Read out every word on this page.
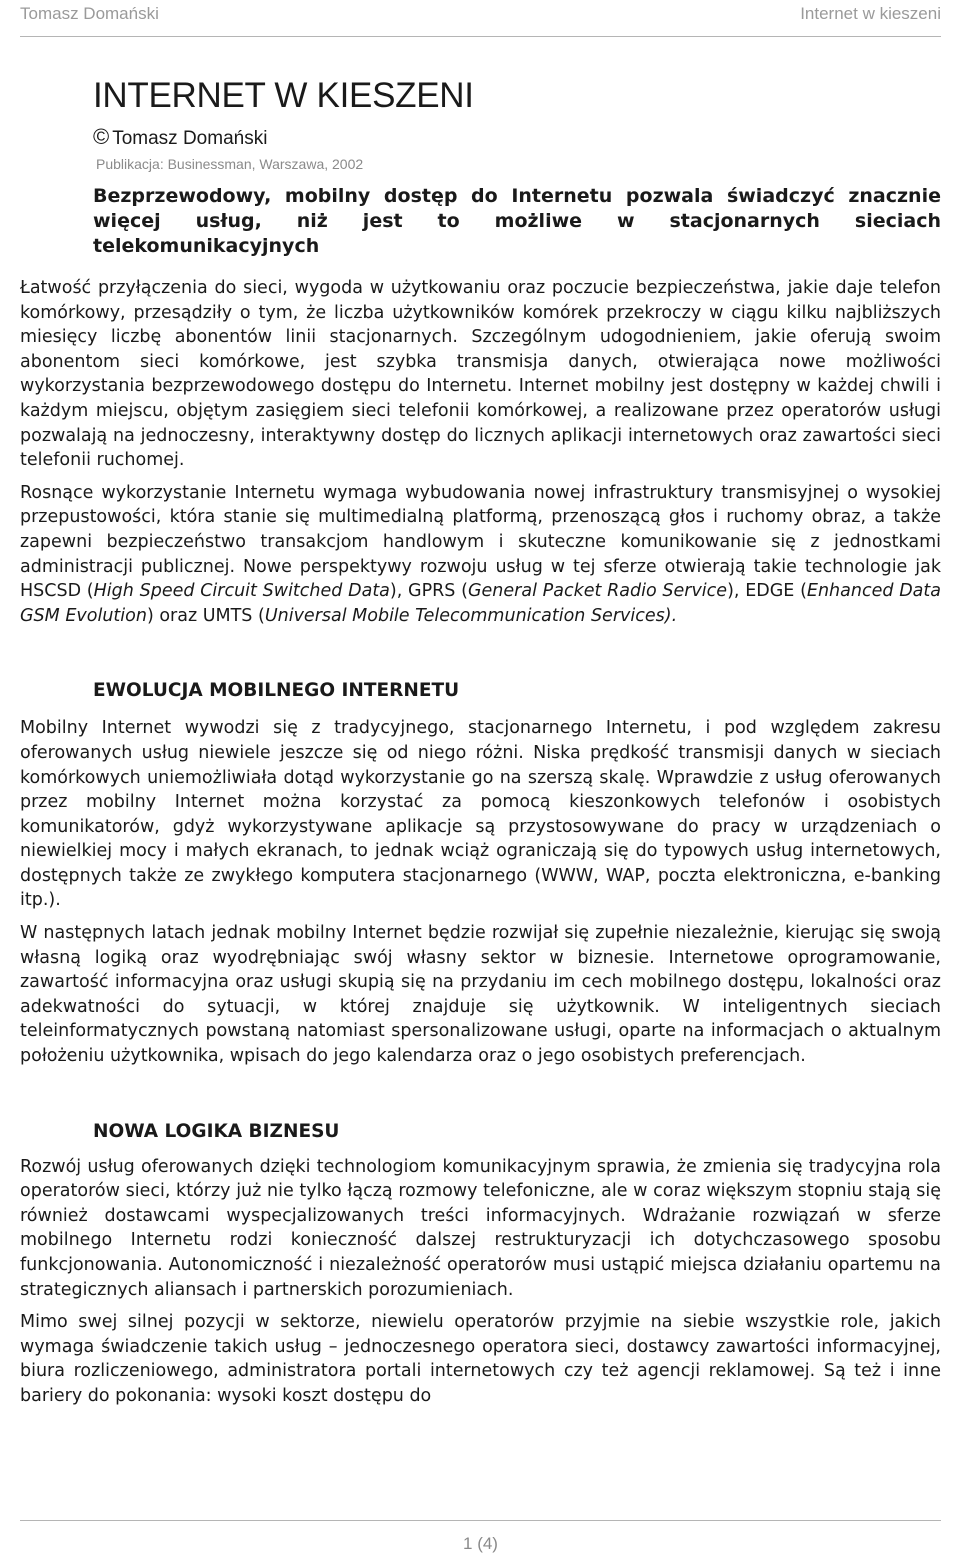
Tomasz Domański	Internet w kieszeni
INTERNET W KIESZENI
© Tomasz Domański
Publikacja: Businessman, Warszawa, 2002
Bezprzewodowy, mobilny dostęp do Internetu pozwala świadczyć znacznie więcej usług, niż jest to możliwe w stacjonarnych sieciach telekomunikacyjnych

Łatwość przyłączenia do sieci, wygoda w użytkowaniu oraz poczucie bezpieczeństwa, jakie daje telefon komórkowy, przesądziły o tym, że liczba użytkowników komórek przekroczy w ciągu kilku najbliższych miesięcy liczbę abonentów linii stacjonarnych. Szczególnym udogodnieniem, jakie oferują swoim abonentom sieci komórkowe, jest szybka transmisja danych, otwierająca nowe możliwości wykorzystania bezprzewodowego dostępu do Internetu. Internet mobilny jest dostępny w każdej chwili i każdym miejscu, objętym zasięgiem sieci telefonii komórkowej, a realizowane przez operatorów usługi pozwalają na jednoczesny, interaktywny dostęp do licznych aplikacji internetowych oraz zawartości sieci telefonii ruchomej.

Rosnące wykorzystanie Internetu wymaga wybudowania nowej infrastruktury transmisyjnej o wysokiej przepustowości, która stanie się multimedialną platformą, przenoszącą głos i ruchomy obraz, a także zapewni bezpieczeństwo transakcjom handlowym i skuteczne komunikowanie się z jednostkami administracji publicznej. Nowe perspektywy rozwoju usług w tej sferze otwierają takie technologie jak HSCSD (High Speed Circuit Switched Data), GPRS (General Packet Radio Service), EDGE (Enhanced Data GSM Evolution) oraz UMTS (Universal Mobile Telecommunication Services).

EWOLUCJA MOBILNEGO INTERNETU

Mobilny Internet wywodzi się z tradycyjnego, stacjonarnego Internetu, i pod względem zakresu oferowanych usług niewiele jeszcze się od niego różni. Niska prędkość transmisji danych w sieciach komórkowych uniemożliwiała dotąd wykorzystanie go na szerszą skalę. Wprawdzie z usług oferowanych przez mobilny Internet można korzystać za pomocą kieszonkowych telefonów i osobistych komunikatorów, gdyż wykorzystywane aplikacje są przystosowywane do pracy w urządzeniach o niewielkiej mocy i małych ekranach, to jednak wciąż ograniczają się do typowych usług internetowych, dostępnych także ze zwykłego komputera stacjonarnego (WWW, WAP, poczta elektroniczna, e-banking itp.).

W następnych latach jednak mobilny Internet będzie rozwijał się zupełnie niezależnie, kierując się swoją własną logiką oraz wyodrębniając swój własny sektor w biznesie. Internetowe oprogramowanie, zawartość informacyjna oraz usługi skupią się na przydaniu im cech mobilnego dostępu, lokalności oraz adekwatności do sytuacji, w której znajduje się użytkownik. W inteligentnych sieciach teleinformatycznych powstaną natomiast spersonalizowane usługi, oparte na informacjach o aktualnym położeniu użytkownika, wpisach do jego kalendarza oraz o jego osobistych preferencjach.

NOWA LOGIKA BIZNESU

Rozwój usług oferowanych dzięki technologiom komunikacyjnym sprawia, że zmienia się tradycyjna rola operatorów sieci, którzy już nie tylko łączą rozmowy telefoniczne, ale w coraz większym stopniu stają się również dostawcami wyspecjalizowanych treści informacyjnych. Wdrażanie rozwiązań w sferze mobilnego Internetu rodzi konieczność dalszej restrukturyzacji ich dotychczasowego sposobu funkcjonowania. Autonomiczność i niezależność operatorów musi ustąpić miejsca działaniu opartemu na strategicznych aliansach i partnerskich porozumieniach.

Mimo swej silnej pozycji w sektorze, niewielu operatorów przyjmie na siebie wszystkie role, jakich wymaga świadczenie takich usług – jednoczesnego operatora sieci, dostawcy zawartości informacyjnej, biura rozliczeniowego, administratora portali internetowych czy też agencji reklamowej. Są też i inne bariery do pokonania: wysoki koszt dostępu do

1 (4)
